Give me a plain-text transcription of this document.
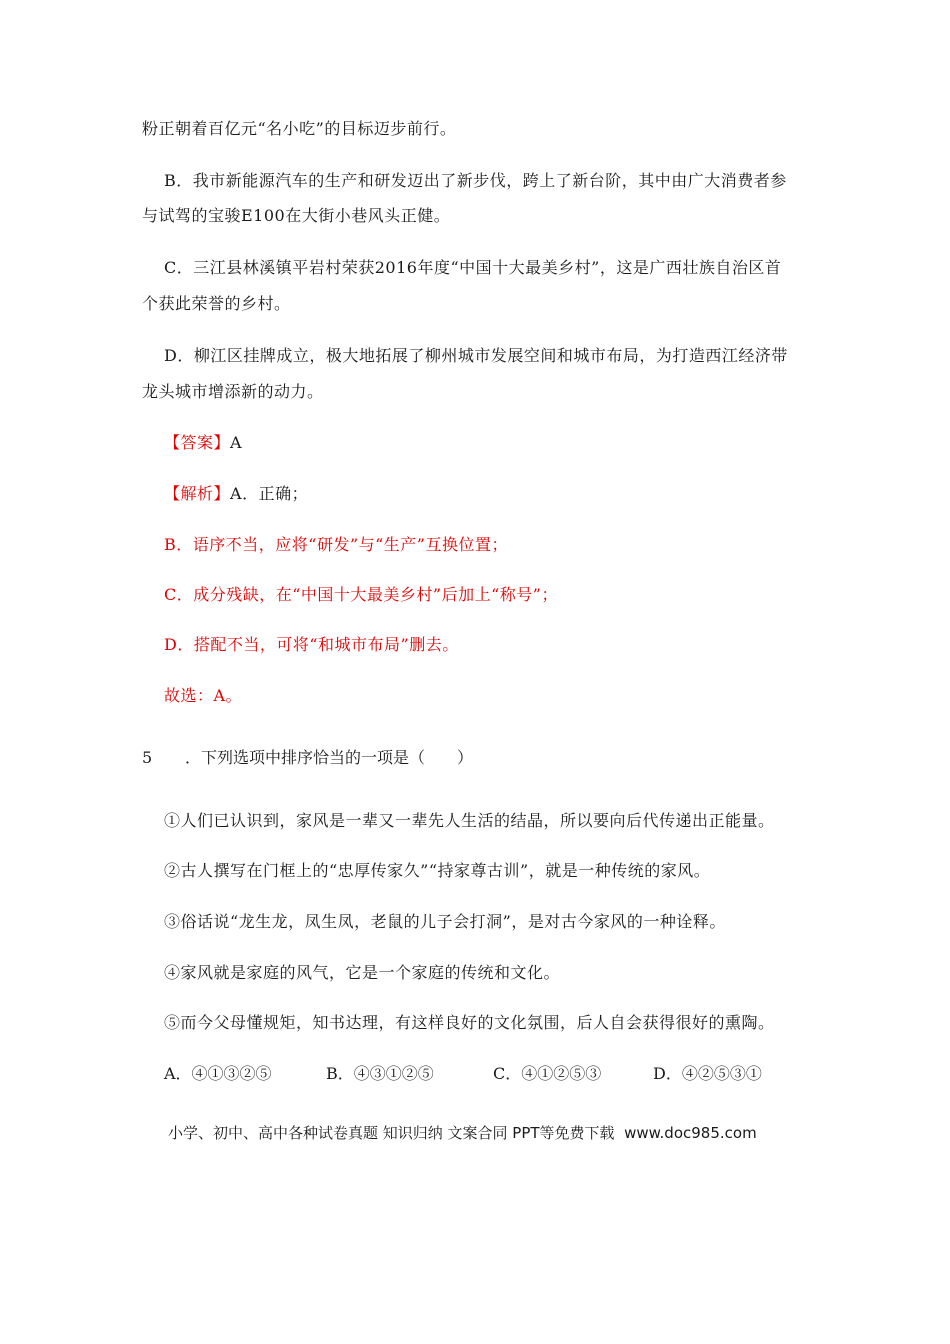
粉正朝着百亿元“名小吃”的目标迈步前行。
B．我市新能源汽车的生产和研发迈出了新步伐，跨上了新台阶，其中由广大消费者参
与试驾的宝骏E100在大街小巷风头正健。
C．三江县林溪镇平岩村荣获2016年度“中国十大最美乡村”，这是广西壮族自治区首
个获此荣誉的乡村。
D．柳江区挂牌成立，极大地拓展了柳州城市发展空间和城市布局，为打造西江经济带
龙头城市增添新的动力。
【答案】A
【解析】A．正确；
B．语序不当，应将“研发”与“生产”互换位置；
C．成分残缺，在“中国十大最美乡村”后加上“称号”；
D．搭配不当，可将“和城市布局”删去。
故选：A。
5 ．下列选项中排序恰当的一项是（　　）
①人们已认识到，家风是一辈又一辈先人生活的结晶，所以要向后代传递出正能量。
②古人撰写在门框上的“忠厚传家久”“持家尊古训”，就是一种传统的家风。
③俗话说“龙生龙，凤生凤，老鼠的儿子会打洞”，是对古今家风的一种诠释。
④家风就是家庭的风气，它是一个家庭的传统和文化。
⑤而今父母懂规矩，知书达理，有这样良好的文化氛围，后人自会获得很好的熏陶。
A．④①③②⑤	B．④③①②⑤	C．④①②⑤③	D．④②⑤③①
小学、初中、高中各种试卷真题 知识归纳 文案合同 PPT等免费下载 www.doc985.com
